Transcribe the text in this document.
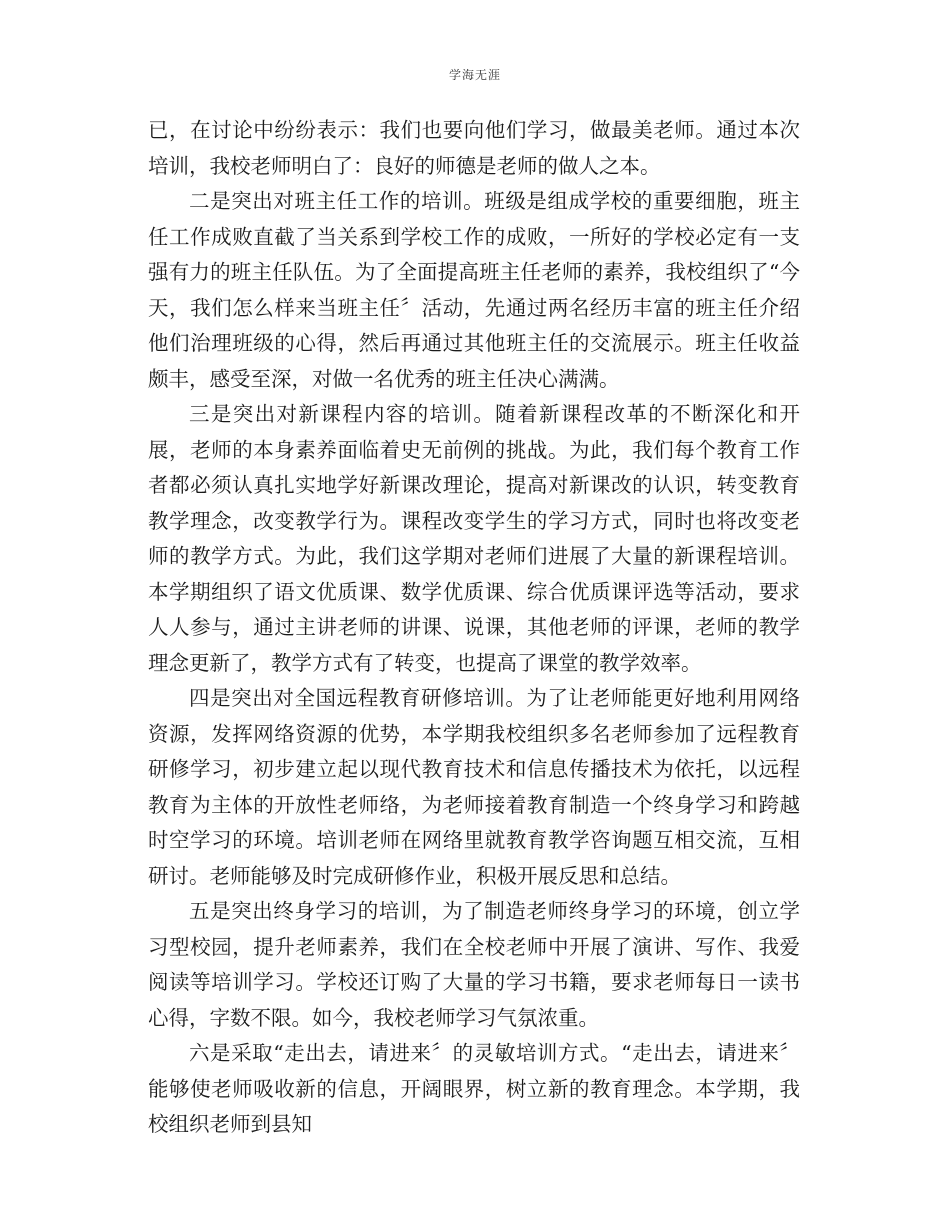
学海无涯

已，在讨论中纷纷表示：我们也要向他们学习，做最美老师。通过本次培训，我校老师明白了：良好的师德是老师的做人之本。

二是突出对班主任工作的培训。班级是组成学校的重要细胞，班主任工作成败直截了当关系到学校工作的成败，一所好的学校必定有一支强有力的班主任队伍。为了全面提高班主任老师的素养，我校组织了“今天，我们怎么样来当班主任〞活动，先通过两名经历丰富的班主任介绍他们治理班级的心得，然后再通过其他班主任的交流展示。班主任收益颇丰，感受至深，对做一名优秀的班主任决心满满。

三是突出对新课程内容的培训。随着新课程改革的不断深化和开展，老师的本身素养面临着史无前例的挑战。为此，我们每个教育工作者都必须认真扎实地学好新课改理论，提高对新课改的认识，转变教育教学理念，改变教学行为。课程改变学生的学习方式，同时也将改变老师的教学方式。为此，我们这学期对老师们进展了大量的新课程培训。本学期组织了语文优质课、数学优质课、综合优质课评选等活动，要求人人参与，通过主讲老师的讲课、说课，其他老师的评课，老师的教学理念更新了，教学方式有了转变，也提高了课堂的教学效率。

四是突出对全国远程教育研修培训。为了让老师能更好地利用网络资源，发挥网络资源的优势，本学期我校组织多名老师参加了远程教育研修学习，初步建立起以现代教育技术和信息传播技术为依托，以远程教育为主体的开放性老师络，为老师接着教育制造一个终身学习和跨越时空学习的环境。培训老师在网络里就教育教学咨询题互相交流，互相研讨。老师能够及时完成研修作业，积极开展反思和总结。

五是突出终身学习的培训，为了制造老师终身学习的环境，创立学习型校园，提升老师素养，我们在全校老师中开展了演讲、写作、我爱阅读等培训学习。学校还订购了大量的学习书籍，要求老师每日一读书心得，字数不限。如今，我校老师学习气氛浓重。

六是采取“走出去，请进来〞的灵敏培训方式。“走出去，请进来〞能够使老师吸收新的信息，开阔眼界，树立新的教育理念。本学期，我校组织老师到县知
